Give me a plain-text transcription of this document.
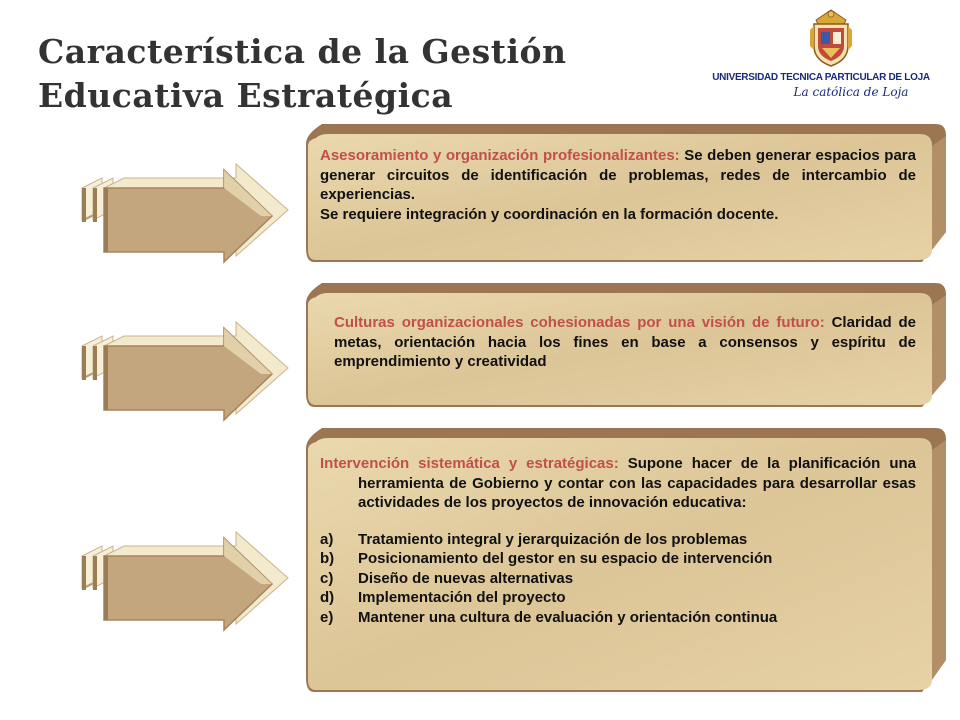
Característica de la Gestión
Educativa Estratégica	UNIVERSIDAD TECNICA PARTICULAR DE LOJA
La católica de Loja
Asesoramiento y organización profesionalizantes: Se deben generar espacios para generar circuitos de identificación de problemas, redes de intercambio de experiencias.
Se requiere integración y coordinación en la formación docente.
Culturas organizacionales cohesionadas por una visión de futuro: Claridad de metas, orientación hacia los fines en base a consensos y espíritu de emprendimiento y creatividad
Intervención sistemática y estratégicas: Supone hacer de la planificación una herramienta de Gobierno y contar con las capacidades para desarrollar esas actividades de los proyectos de innovación educativa:
a)	Tratamiento integral y jerarquización de los problemas
b)	Posicionamiento del gestor en su espacio de intervención
c)	Diseño de nuevas alternativas
d)	Implementación del proyecto
e)	Mantener una cultura de evaluación y orientación continua
